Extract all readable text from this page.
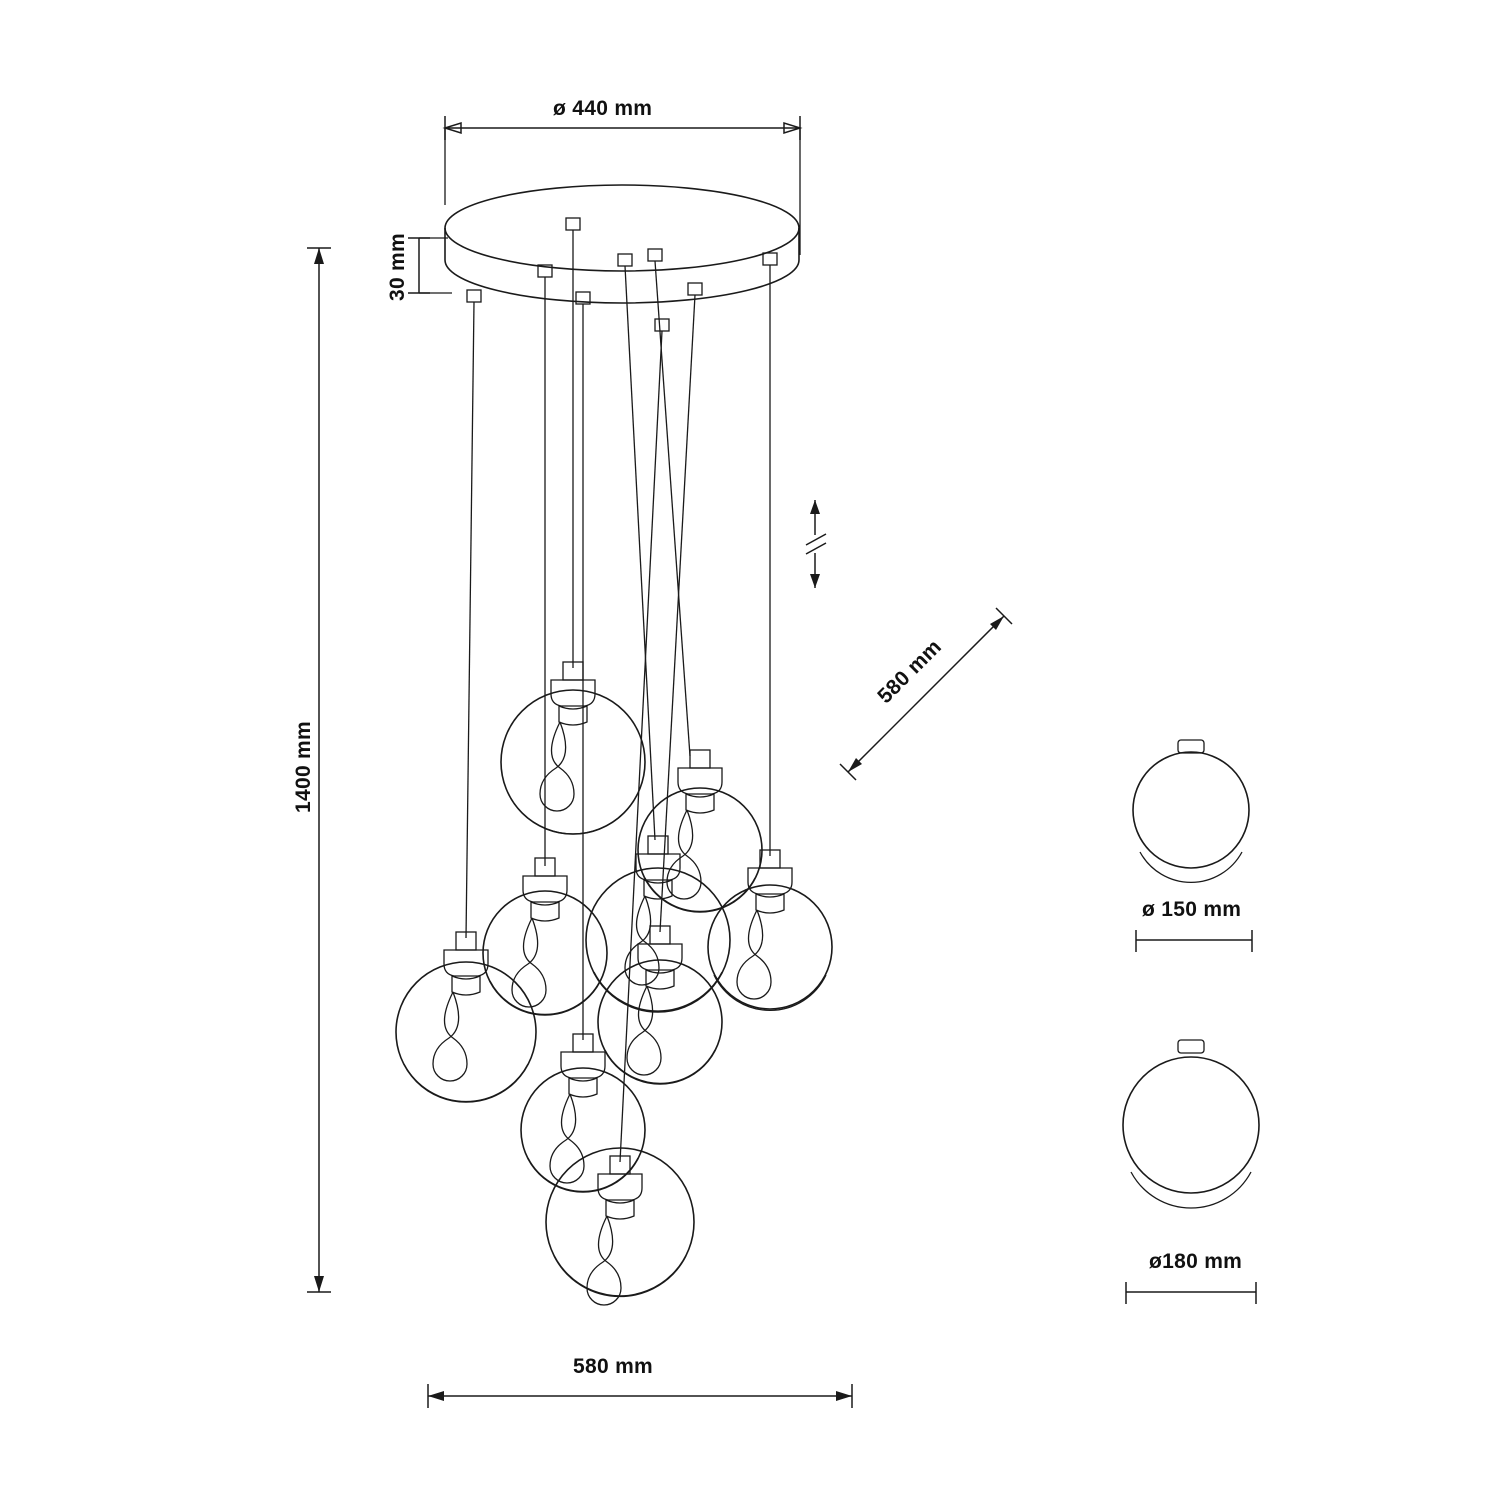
ø 440 mm
30 mm
1400 mm
580 mm
580 mm
ø 150 mm
ø180 mm
